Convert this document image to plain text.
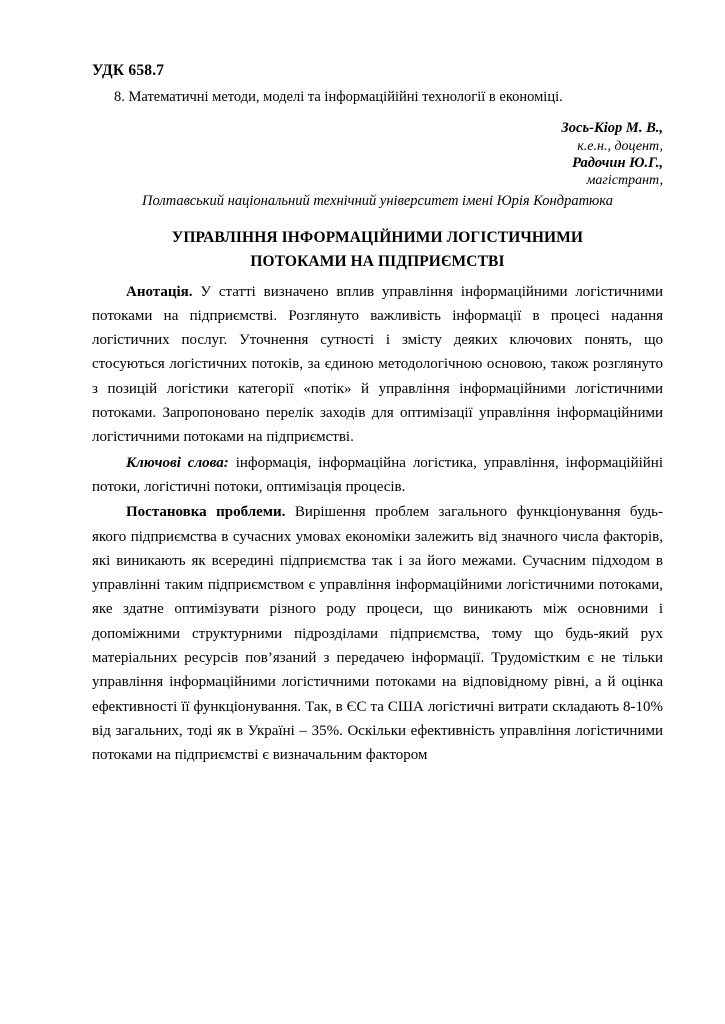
УДК 658.7
8. Математичні методи, моделі та інформаційійні технології в економіці.
Зось-Кіор М. В.,
к.е.н., доцент,
Радочин Ю.Г.,
магістрант,
Полтавський національний технічний університет імені Юрія Кондратюка
УПРАВЛІННЯ ІНФОРМАЦІЙНИМИ ЛОГІСТИЧНИМИ
ПОТОКАМИ НА ПІДПРИЄМСТВІ

Анотація. У статті визначено вплив управління інформаційними логістичними потоками на підприємстві. Розглянуто важливість інформації в процесі надання логістичних послуг. Уточнення сутності і змісту деяких ключових понять, що стосуються логістичних потоків, за єдиною методологічною основою, також розглянуто з позицій логістики категорії «потік» й управління інформаційними логістичними потоками. Запропоновано перелік заходів для оптимізації управління інформаційними логістичними потоками на підприємстві.

Ключові слова: інформація, інформаційна логістика, управління, інформаційійні потоки, логістичні потоки, оптимізація процесів.

Постановка проблеми. Вирішення проблем загального функціонування будь-якого підприємства в сучасних умовах економіки залежить від значного числа факторів, які виникають як всередині підприємства так і за його межами. Сучасним підходом в управлінні таким підприємством є управління інформаційними логістичними потоками, яке здатне оптимізувати різного роду процеси, що виникають між основними і допоміжними структурними підрозділами підприємства, тому що будь-який рух матеріальних ресурсів пов’язаний з передачею інформації. Трудомістким є не тільки управління інформаційними логістичними потоками на відповідному рівні, а й оцінка ефективності її функціонування. Так, в ЄС та США логістичні витрати складають 8-10% від загальних, тоді як в Україні – 35%. Оскільки ефективність управління логістичними потоками на підприємстві є визначальним фактором
